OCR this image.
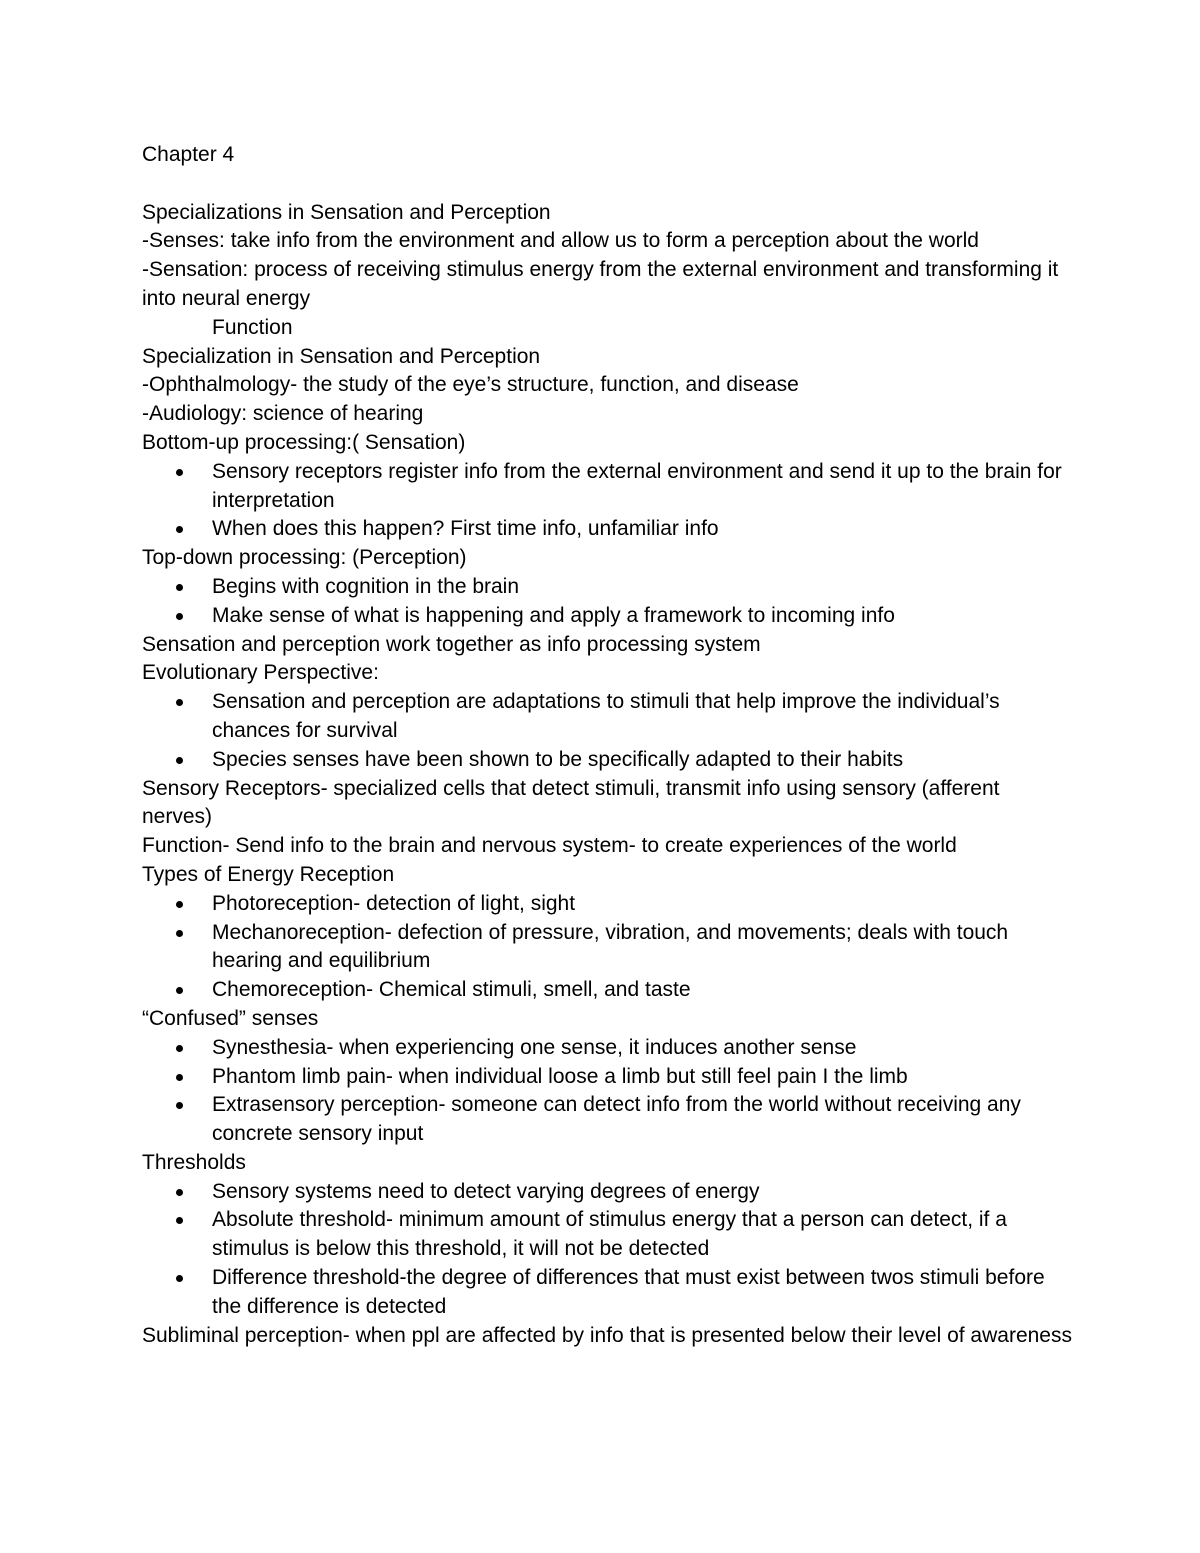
Chapter 4

Specializations in Sensation and Perception

-Senses: take info from the environment and allow us to form a perception about the world

-Sensation: process of receiving stimulus energy from the external environment and transforming it into neural energy

Function

Specialization in Sensation and Perception

-Ophthalmology- the study of the eye’s structure, function, and disease

-Audiology: science of hearing

Bottom-up processing:( Sensation)

Sensory receptors register info from the external environment and send it up to the brain for interpretation
When does this happen? First time info, unfamiliar info

Top-down processing: (Perception)

Begins with cognition in the brain
Make sense of what is happening and apply a framework to incoming info

Sensation and perception work together as info processing system

Evolutionary Perspective:

Sensation and perception are adaptations to stimuli that help improve the individual’s chances for survival
Species senses have been shown to be specifically adapted to their habits

Sensory Receptors- specialized cells that detect stimuli, transmit info using sensory (afferent nerves)

Function- Send info to the brain and nervous system- to create experiences of the world

Types of Energy Reception

Photoreception- detection of light, sight
Mechanoreception- defection of pressure, vibration, and movements; deals with touch hearing and equilibrium
Chemoreception- Chemical stimuli, smell, and taste

“Confused” senses

Synesthesia- when experiencing one sense, it induces another sense
Phantom limb pain- when individual loose a limb but still feel pain I the limb
Extrasensory perception- someone can detect info from the world without receiving any concrete sensory input

Thresholds

Sensory systems need to detect varying degrees of energy
Absolute threshold- minimum amount of stimulus energy that a person can detect, if a stimulus is below this threshold, it will not be detected
Difference threshold-the degree of differences that must exist between twos stimuli before the difference is detected

Subliminal perception- when ppl are affected by info that is presented below their level of awareness
